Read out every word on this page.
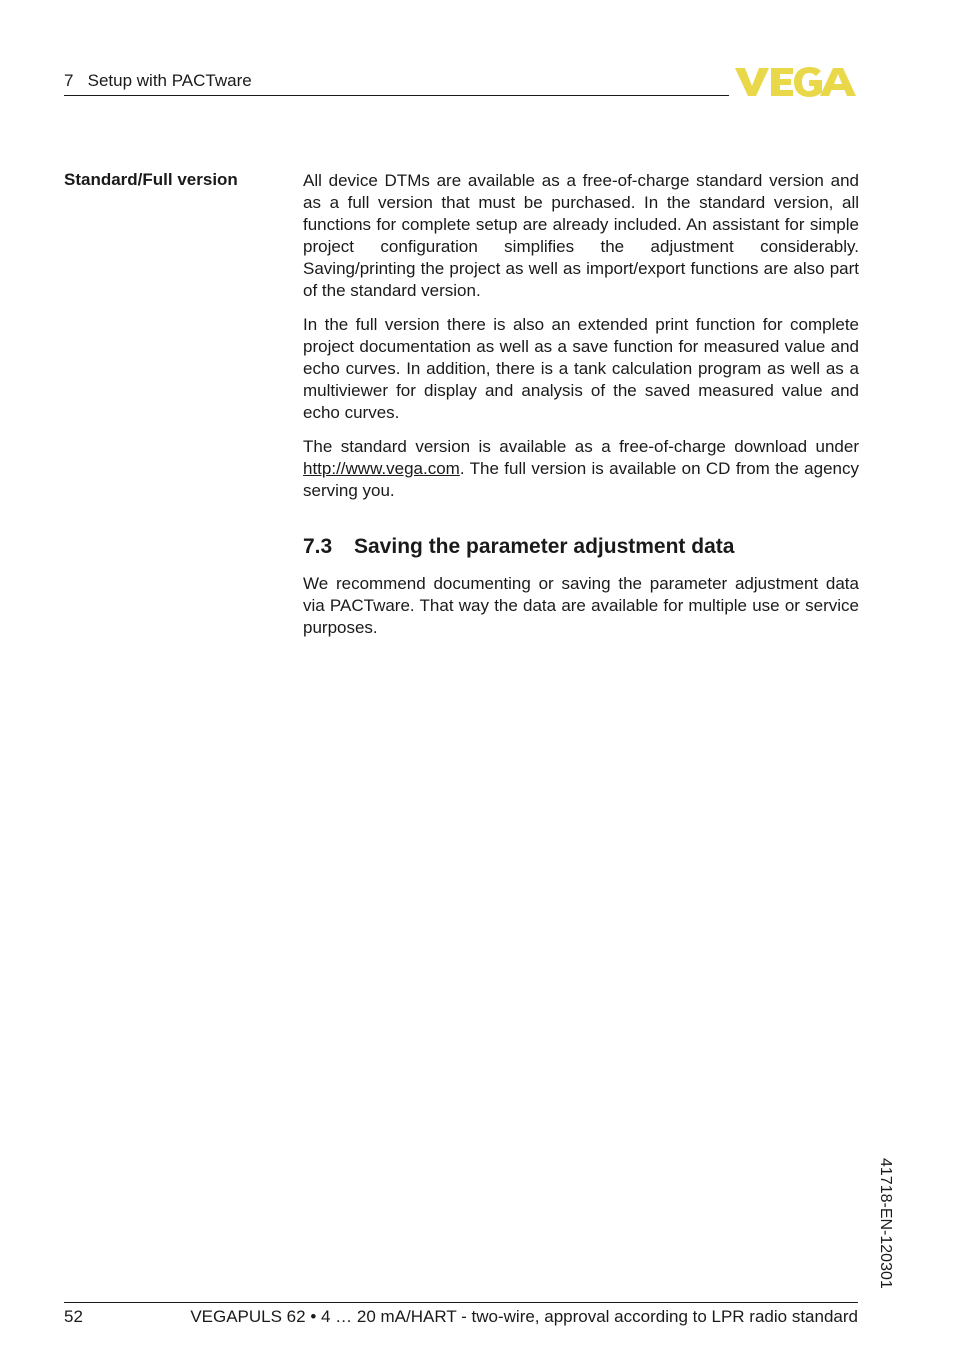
7   Setup with PACTware
Standard/Full version	All device DTMs are available as a free-of-charge standard version and as a full version that must be purchased. In the standard version, all functions for complete setup are already included. An assistant for simple project configuration simplifies the adjustment considerably. Saving/printing the project as well as import/export functions are also part of the standard version.

In the full version there is also an extended print function for complete project documentation as well as a save function for measured value and echo curves. In addition, there is a tank calculation program as well as a multiviewer for display and analysis of the saved measured value and echo curves.

The standard version is available as a free-of-charge download under http://www.vega.com. The full version is available on CD from the agency serving you.

7.3 Saving the parameter adjustment data

We recommend documenting or saving the parameter adjustment data via PACTware. That way the data are available for multiple use or service purposes.

41718-EN-120301
52	VEGAPULS 62 • 4 … 20 mA/HART - two-wire, approval according to LPR radio standard
